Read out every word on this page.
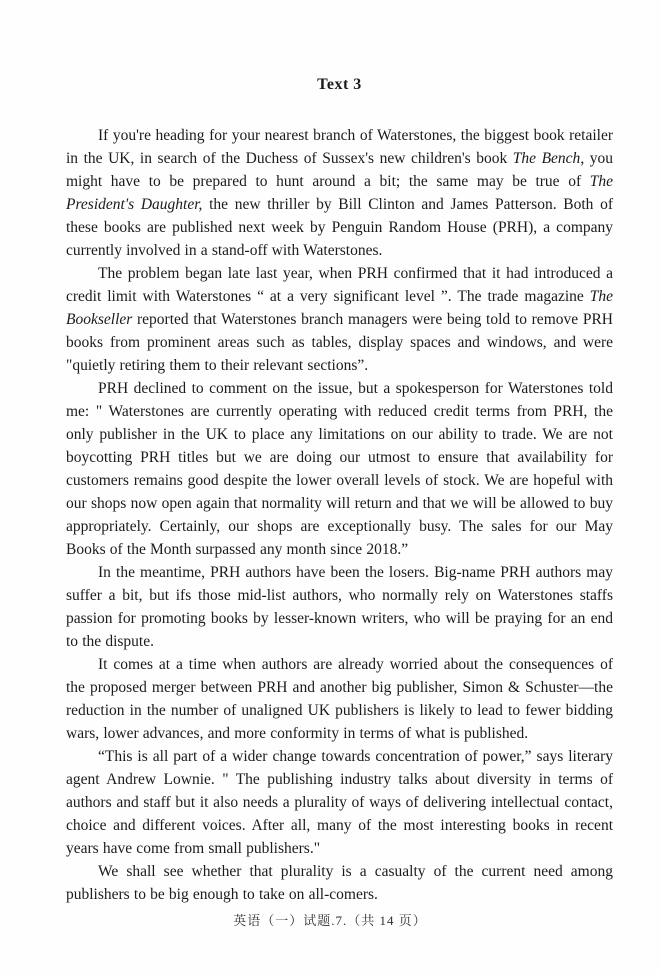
Text 3

If you're heading for your nearest branch of Waterstones, the biggest book retailer in the UK, in search of the Duchess of Sussex's new children's book The Bench, you might have to be prepared to hunt around a bit; the same may be true of The President's Daughter, the new thriller by Bill Clinton and James Patterson. Both of these books are published next week by Penguin Random House (PRH), a company currently involved in a stand-off with Waterstones.

The problem began late last year, when PRH confirmed that it had introduced a credit limit with Waterstones “ at a very significant level ”. The trade magazine The Bookseller reported that Waterstones branch managers were being told to remove PRH books from prominent areas such as tables, display spaces and windows, and were "quietly retiring them to their relevant sections”.

PRH declined to comment on the issue, but a spokesperson for Waterstones told me: " Waterstones are currently operating with reduced credit terms from PRH, the only publisher in the UK to place any limitations on our ability to trade. We are not boycotting PRH titles but we are doing our utmost to ensure that availability for customers remains good despite the lower overall levels of stock. We are hopeful with our shops now open again that normality will return and that we will be allowed to buy appropriately. Certainly, our shops are exceptionally busy. The sales for our May Books of the Month surpassed any month since 2018.”

In the meantime, PRH authors have been the losers. Big-name PRH authors may suffer a bit, but ifs those mid-list authors, who normally rely on Waterstones staffs passion for promoting books by lesser-known writers, who will be praying for an end to the dispute.

It comes at a time when authors are already worried about the consequences of the proposed merger between PRH and another big publisher, Simon & Schuster—the reduction in the number of unaligned UK publishers is likely to lead to fewer bidding wars, lower advances, and more conformity in terms of what is published.

“This is all part of a wider change towards concentration of power,” says literary agent Andrew Lownie. " The publishing industry talks about diversity in terms of authors and staff but it also needs a plurality of ways of delivering intellectual contact, choice and different voices. After all, many of the most interesting books in recent years have come from small publishers."

We shall see whether that plurality is a casualty of the current need among publishers to be big enough to take on all-comers.

英语（一）试题.7.（共 14 页）
